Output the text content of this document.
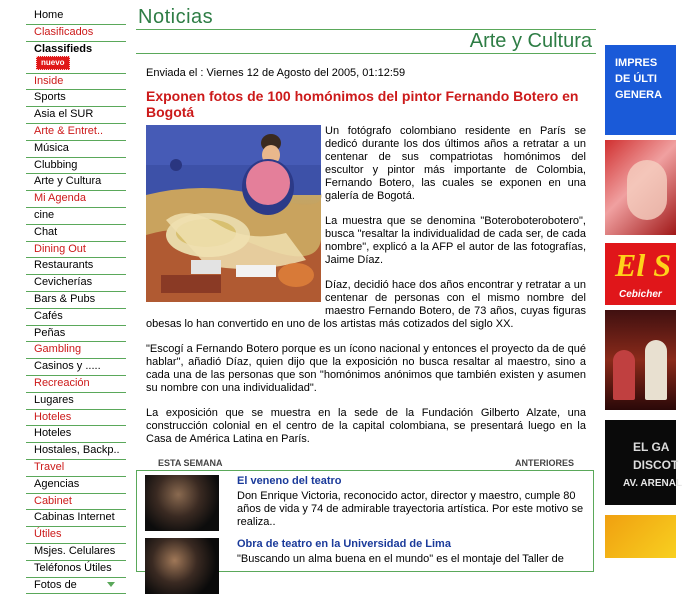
Home
Clasificados
Classifieds
nuevo
Inside
Sports
Asia el SUR
Arte & Entret..
Música
Clubbing
Arte y Cultura
Mi Agenda
cine
Chat
Dining Out
Restaurants
Cevicherías
Bars & Pubs
Cafés
Peñas
Gambling
Casinos y .....
Recreación
Lugares
Hoteles
Hoteles
Hostales, Backp..
Travel
Agencias
Cabinet
Cabinas Internet
Útiles
Msjes. Celulares
Teléfonos Útiles
Fotos de
Noticias
Arte y Cultura
Enviada el : Viernes 12 de Agosto del 2005, 01:12:59
Exponen fotos de 100 homónimos del pintor Fernando Botero en Bogotá

Un fotógrafo colombiano residente en París se dedicó durante los dos últimos años a retratar a un centenar de sus compatriotas homónimos del escultor y pintor más importante de Colombia, Fernando Botero, las cuales se exponen en una galería de Bogotá.

La muestra que se denomina "Boteroboterobotero", busca "resaltar la individualidad de cada ser, de cada nombre", explicó a la AFP el autor de las fotografías, Jaime Díaz.

Díaz, decidió hace dos años encontrar y retratar a un centenar de personas con el mismo nombre del maestro Fernando Botero, de 73 años, cuyas figuras obesas lo han convertido en uno de los artistas más cotizados del siglo XX.

"Escogí a Fernando Botero porque es un ícono nacional y entonces el proyecto da de qué hablar", añadió Díaz, quien dijo que la exposición no busca resaltar al maestro, sino a cada una de las personas que son "homónimos anónimos que también existen y asumen su nombre con una individualidad".

La exposición que se muestra en la sede de la Fundación Gilberto Alzate, una construcción colonial en el centro de la capital colombiana, se presentará luego en la Casa de América Latina en París.

ESTA SEMANA	ANTERIORES
El veneno del teatro
Don Enrique Victoria, reconocido actor, director y maestro, cumple 80 años de vida y 74 de admirable trayectoria artística. Por este motivo se realiza..
Obra de teatro en la Universidad de Lima
"Buscando un alma buena en el mundo" es el montaje del Taller de
IMPRES
DE ÚLTI
GENERA
El S
Cebicher
EL GA
DISCOT
AV. ARENAL
